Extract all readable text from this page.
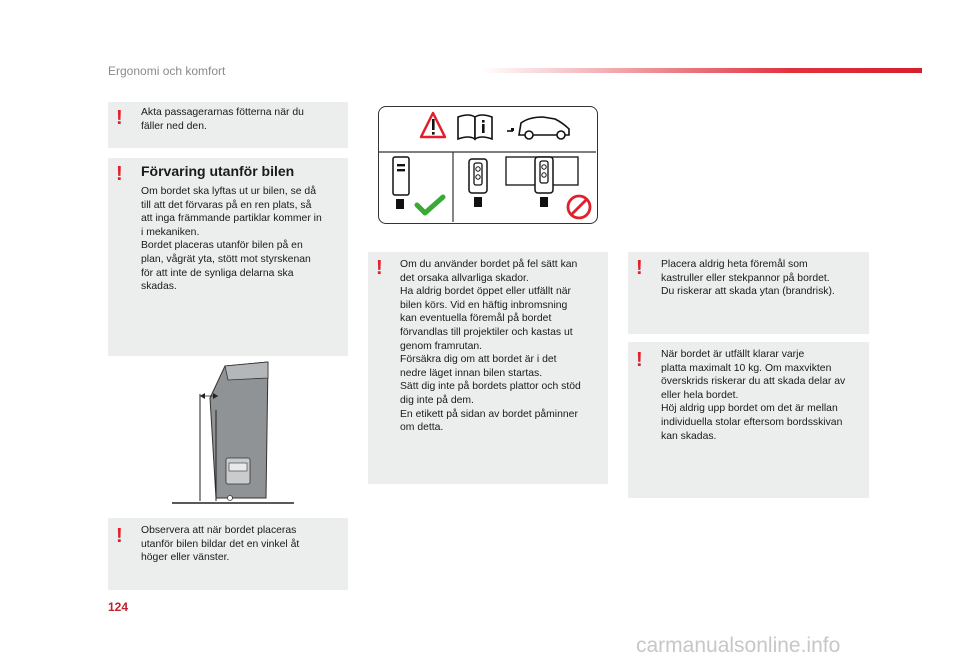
Ergonomi och komfort
! Akta passagerarnas fötterna när du
fäller ned den.
! Förvaring utanför bilen
Om bordet ska lyftas ut ur bilen, se då
till att det förvaras på en ren plats, så
att inga främmande partiklar kommer in
i mekaniken.
Bordet placeras utanför bilen på en
plan, vågrät yta, stött mot styrskenan
för att inte de synliga delarna ska
skadas.
! Observera att när bordet placeras
utanför bilen bildar det en vinkel åt
höger eller vänster.
! Om du använder bordet på fel sätt kan
det orsaka allvarliga skador.
Ha aldrig bordet öppet eller utfällt när
bilen körs. Vid en häftig inbromsning
kan eventuella föremål på bordet
förvandlas till projektiler och kastas ut
genom framrutan.
Försäkra dig om att bordet är i det
nedre läget innan bilen startas.
Sätt dig inte på bordets plattor och stöd
dig inte på dem.
En etikett på sidan av bordet påminner
om detta.
! Placera aldrig heta föremål som
kastruller eller stekpannor på bordet.
Du riskerar att skada ytan (brandrisk).
! När bordet är utfällt klarar varje
platta maximalt 10 kg. Om maxvikten
överskrids riskerar du att skada delar av
eller hela bordet.
Höj aldrig upp bordet om det är mellan
individuella stolar eftersom bordsskivan
kan skadas.
124
carmanualsonline.info
